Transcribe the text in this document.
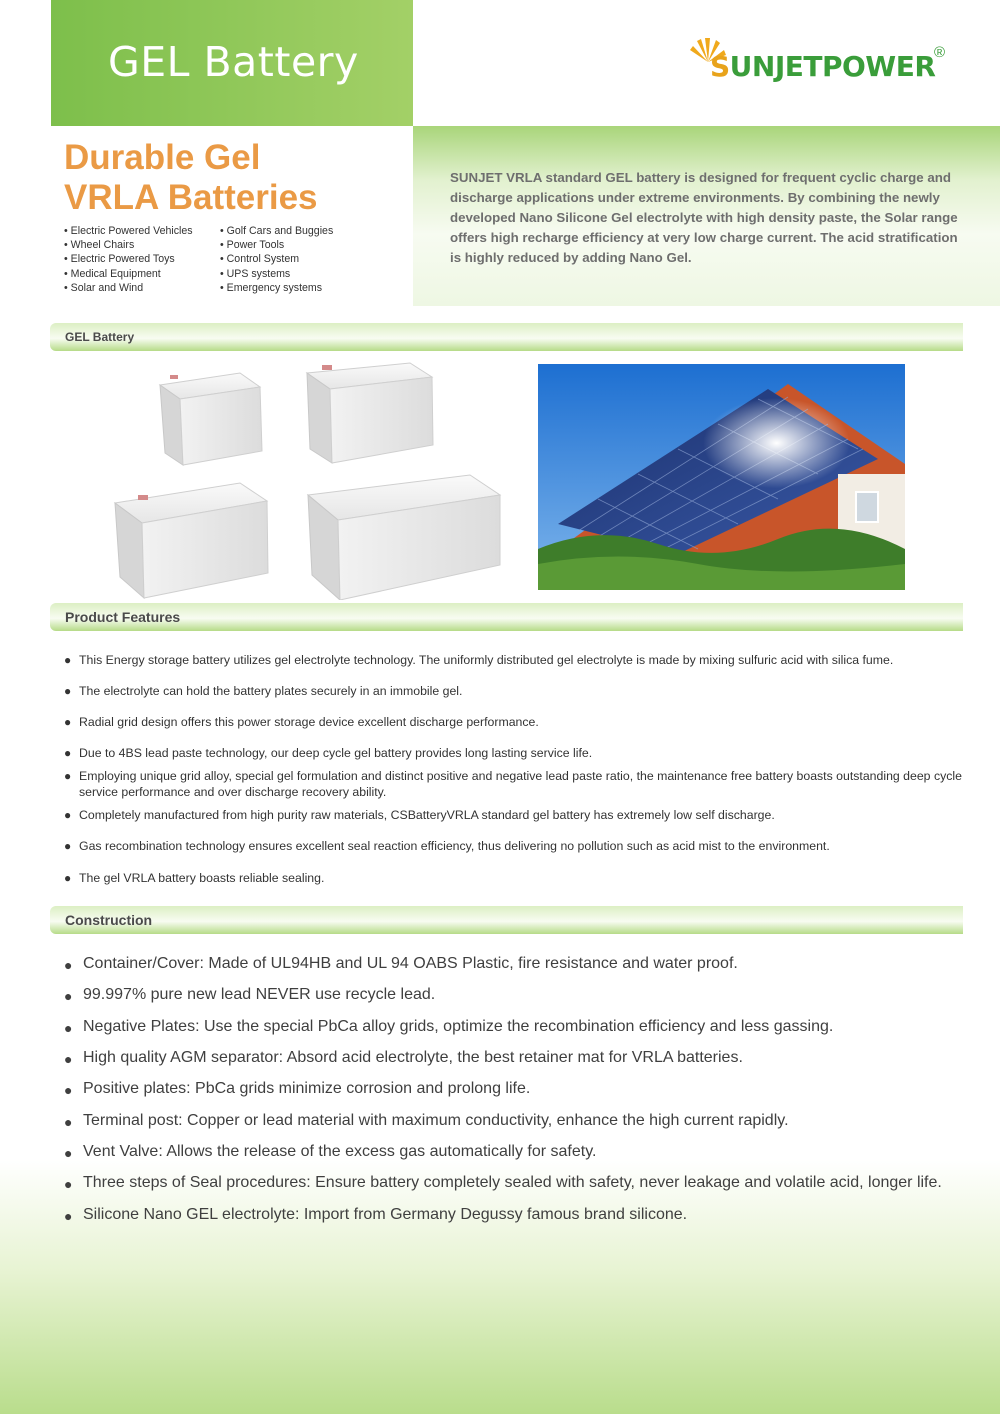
GEL Battery	SUNJETPOWER
®
SUNJET VRLA standard GEL battery is designed for frequent cyclic charge and discharge applications under extreme environments. By combining the newly developed Nano Silicone Gel electrolyte with high density paste, the Solar range offers high recharge efficiency at very low charge current. The acid stratification is highly reduced by adding Nano Gel.
Durable Gel
VRLA Batteries
• Electric Powered Vehicles
• Wheel Chairs
• Electric Powered Toys
• Medical Equipment
• Solar and Wind
• Golf Cars and Buggies
• Power Tools
• Control System
• UPS systems
• Emergency systems
GEL Battery
Product Features
● This Energy storage battery utilizes gel electrolyte technology. The uniformly distributed gel electrolyte is made by mixing sulfuric acid with silica fume.
● The electrolyte can hold the battery plates securely in an immobile gel.
● Radial grid design offers this power storage device excellent discharge performance.
● Due to 4BS lead paste technology, our deep cycle gel battery provides long lasting service life.
● Employing unique grid alloy, special gel formulation and distinct positive and negative lead paste ratio, the maintenance free battery boasts outstanding deep cycle service performance and over discharge recovery ability.
● Completely manufactured from high purity raw materials, CSBatteryVRLA standard gel battery has extremely low self discharge.
● Gas recombination technology ensures excellent seal reaction efficiency, thus delivering no pollution such as acid mist to the environment.
● The gel VRLA battery boasts reliable sealing.
Construction
● Container/Cover: Made of UL94HB and UL 94 OABS Plastic, fire resistance and water proof.
● 99.997% pure new lead NEVER use recycle lead.
● Negative Plates: Use the special PbCa alloy grids, optimize the recombination efficiency and less gassing.
● High quality AGM separator: Absord acid electrolyte, the best retainer mat for VRLA batteries.
● Positive plates: PbCa grids minimize corrosion and prolong life.
● Terminal post: Copper or lead material with maximum conductivity, enhance the high current rapidly.
● Vent Valve: Allows the release of the excess gas automatically for safety.
● Three steps of Seal procedures: Ensure battery completely sealed with safety, never leakage and volatile acid, longer life.
● Silicone Nano GEL electrolyte: Import from Germany Degussy famous brand silicone.
